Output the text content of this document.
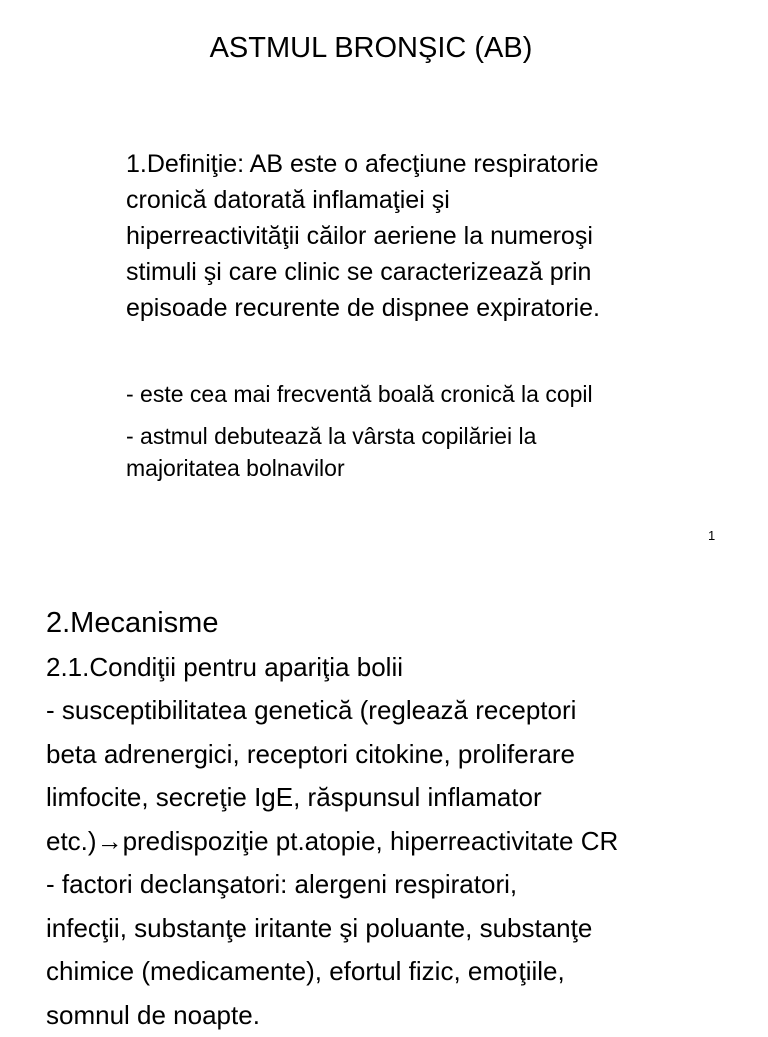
ASTMUL BRONŞIC (AB)
1.Definiţie: AB este o afecţiune respiratorie
cronică datorată inflamaţiei şi
hiperreactivităţii căilor aeriene la numeroşi
stimuli şi care clinic se caracterizează prin
episoade recurente de dispnee expiratorie.
- este cea mai frecventă boală cronică la copil
- astmul debutează la vârsta copilăriei la
majoritatea bolnavilor
1
2.Mecanisme
2.1.Condiţii pentru apariţia bolii
- susceptibilitatea genetică (reglează receptori
beta adrenergici, receptori citokine, proliferare
limfocite, secreţie IgE, răspunsul inflamator
etc.)→predispoziţie pt.atopie, hiperreactivitate CR
- factori declanşatori: alergeni respiratori,
infecţii, substanţe iritante şi poluante, substanţe
chimice (medicamente), efortul fizic, emoţiile,
somnul de noapte.
